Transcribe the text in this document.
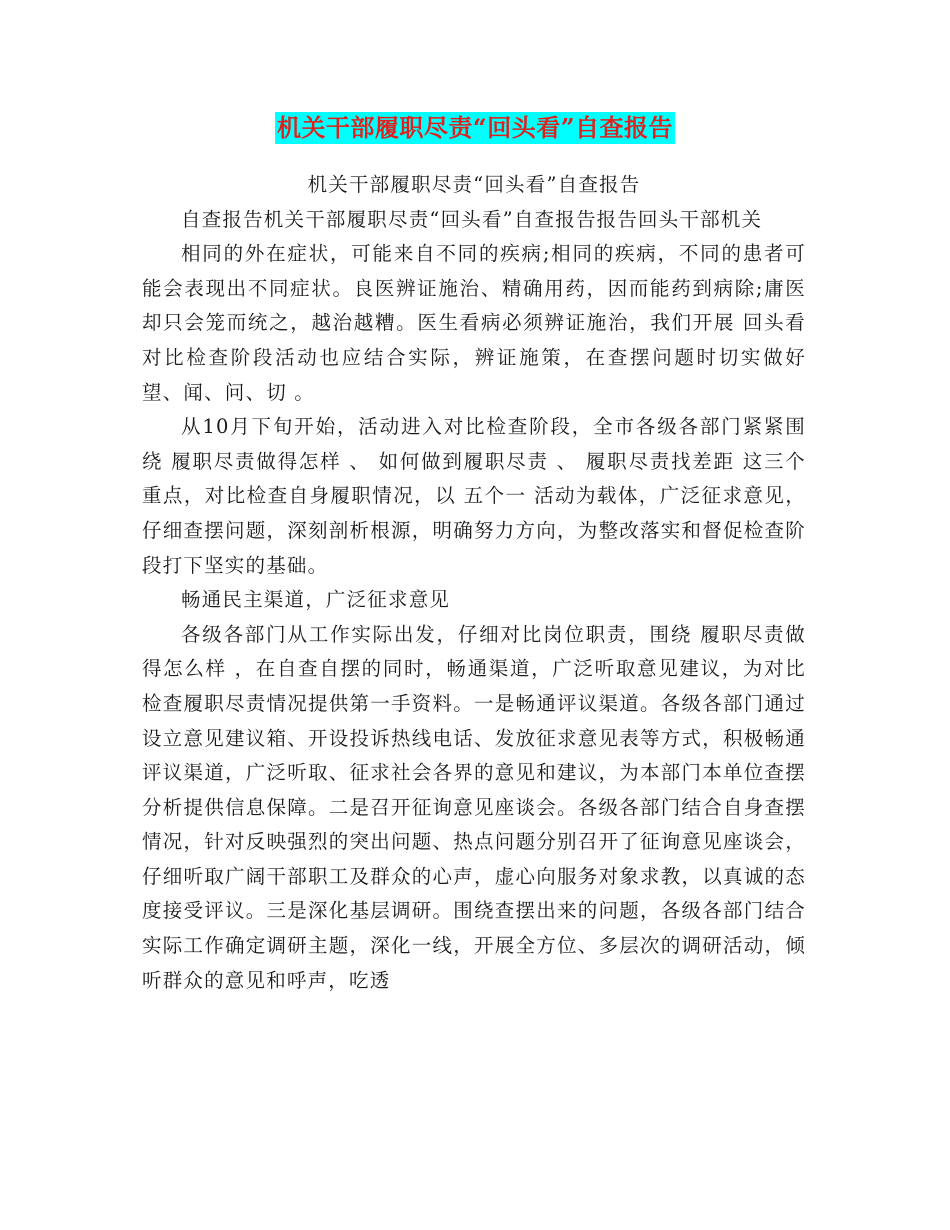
机关干部履职尽责“回头看”自查报告

机关干部履职尽责“回头看”自查报告

自查报告机关干部履职尽责“回头看”自查报告报告回头干部机关

相同的外在症状，可能来自不同的疾病;相同的疾病，不同的患者可能会表现出不同症状。良医辨证施治、精确用药，因而能药到病除;庸医却只会笼而统之，越治越糟。医生看病必须辨证施治，我们开展 回头看 对比检查阶段活动也应结合实际，辨证施策，在查摆问题时切实做好 望、闻、问、切 。

从10月下旬开始，活动进入对比检查阶段，全市各级各部门紧紧围绕 履职尽责做得怎样 、 如何做到履职尽责 、 履职尽责找差距 这三个重点，对比检查自身履职情况，以 五个一 活动为载体，广泛征求意见，仔细查摆问题，深刻剖析根源，明确努力方向，为整改落实和督促检查阶段打下坚实的基础。

畅通民主渠道，广泛征求意见

各级各部门从工作实际出发，仔细对比岗位职责，围绕 履职尽责做得怎么样 ，在自查自摆的同时，畅通渠道，广泛听取意见建议，为对比检查履职尽责情况提供第一手资料。一是畅通评议渠道。各级各部门通过设立意见建议箱、开设投诉热线电话、发放征求意见表等方式，积极畅通评议渠道，广泛听取、征求社会各界的意见和建议，为本部门本单位查摆分析提供信息保障。二是召开征询意见座谈会。各级各部门结合自身查摆情况，针对反映强烈的突出问题、热点问题分别召开了征询意见座谈会，仔细听取广阔干部职工及群众的心声，虚心向服务对象求教，以真诚的态度接受评议。三是深化基层调研。围绕查摆出来的问题，各级各部门结合实际工作确定调研主题，深化一线，开展全方位、多层次的调研活动，倾听群众的意见和呼声，吃透
